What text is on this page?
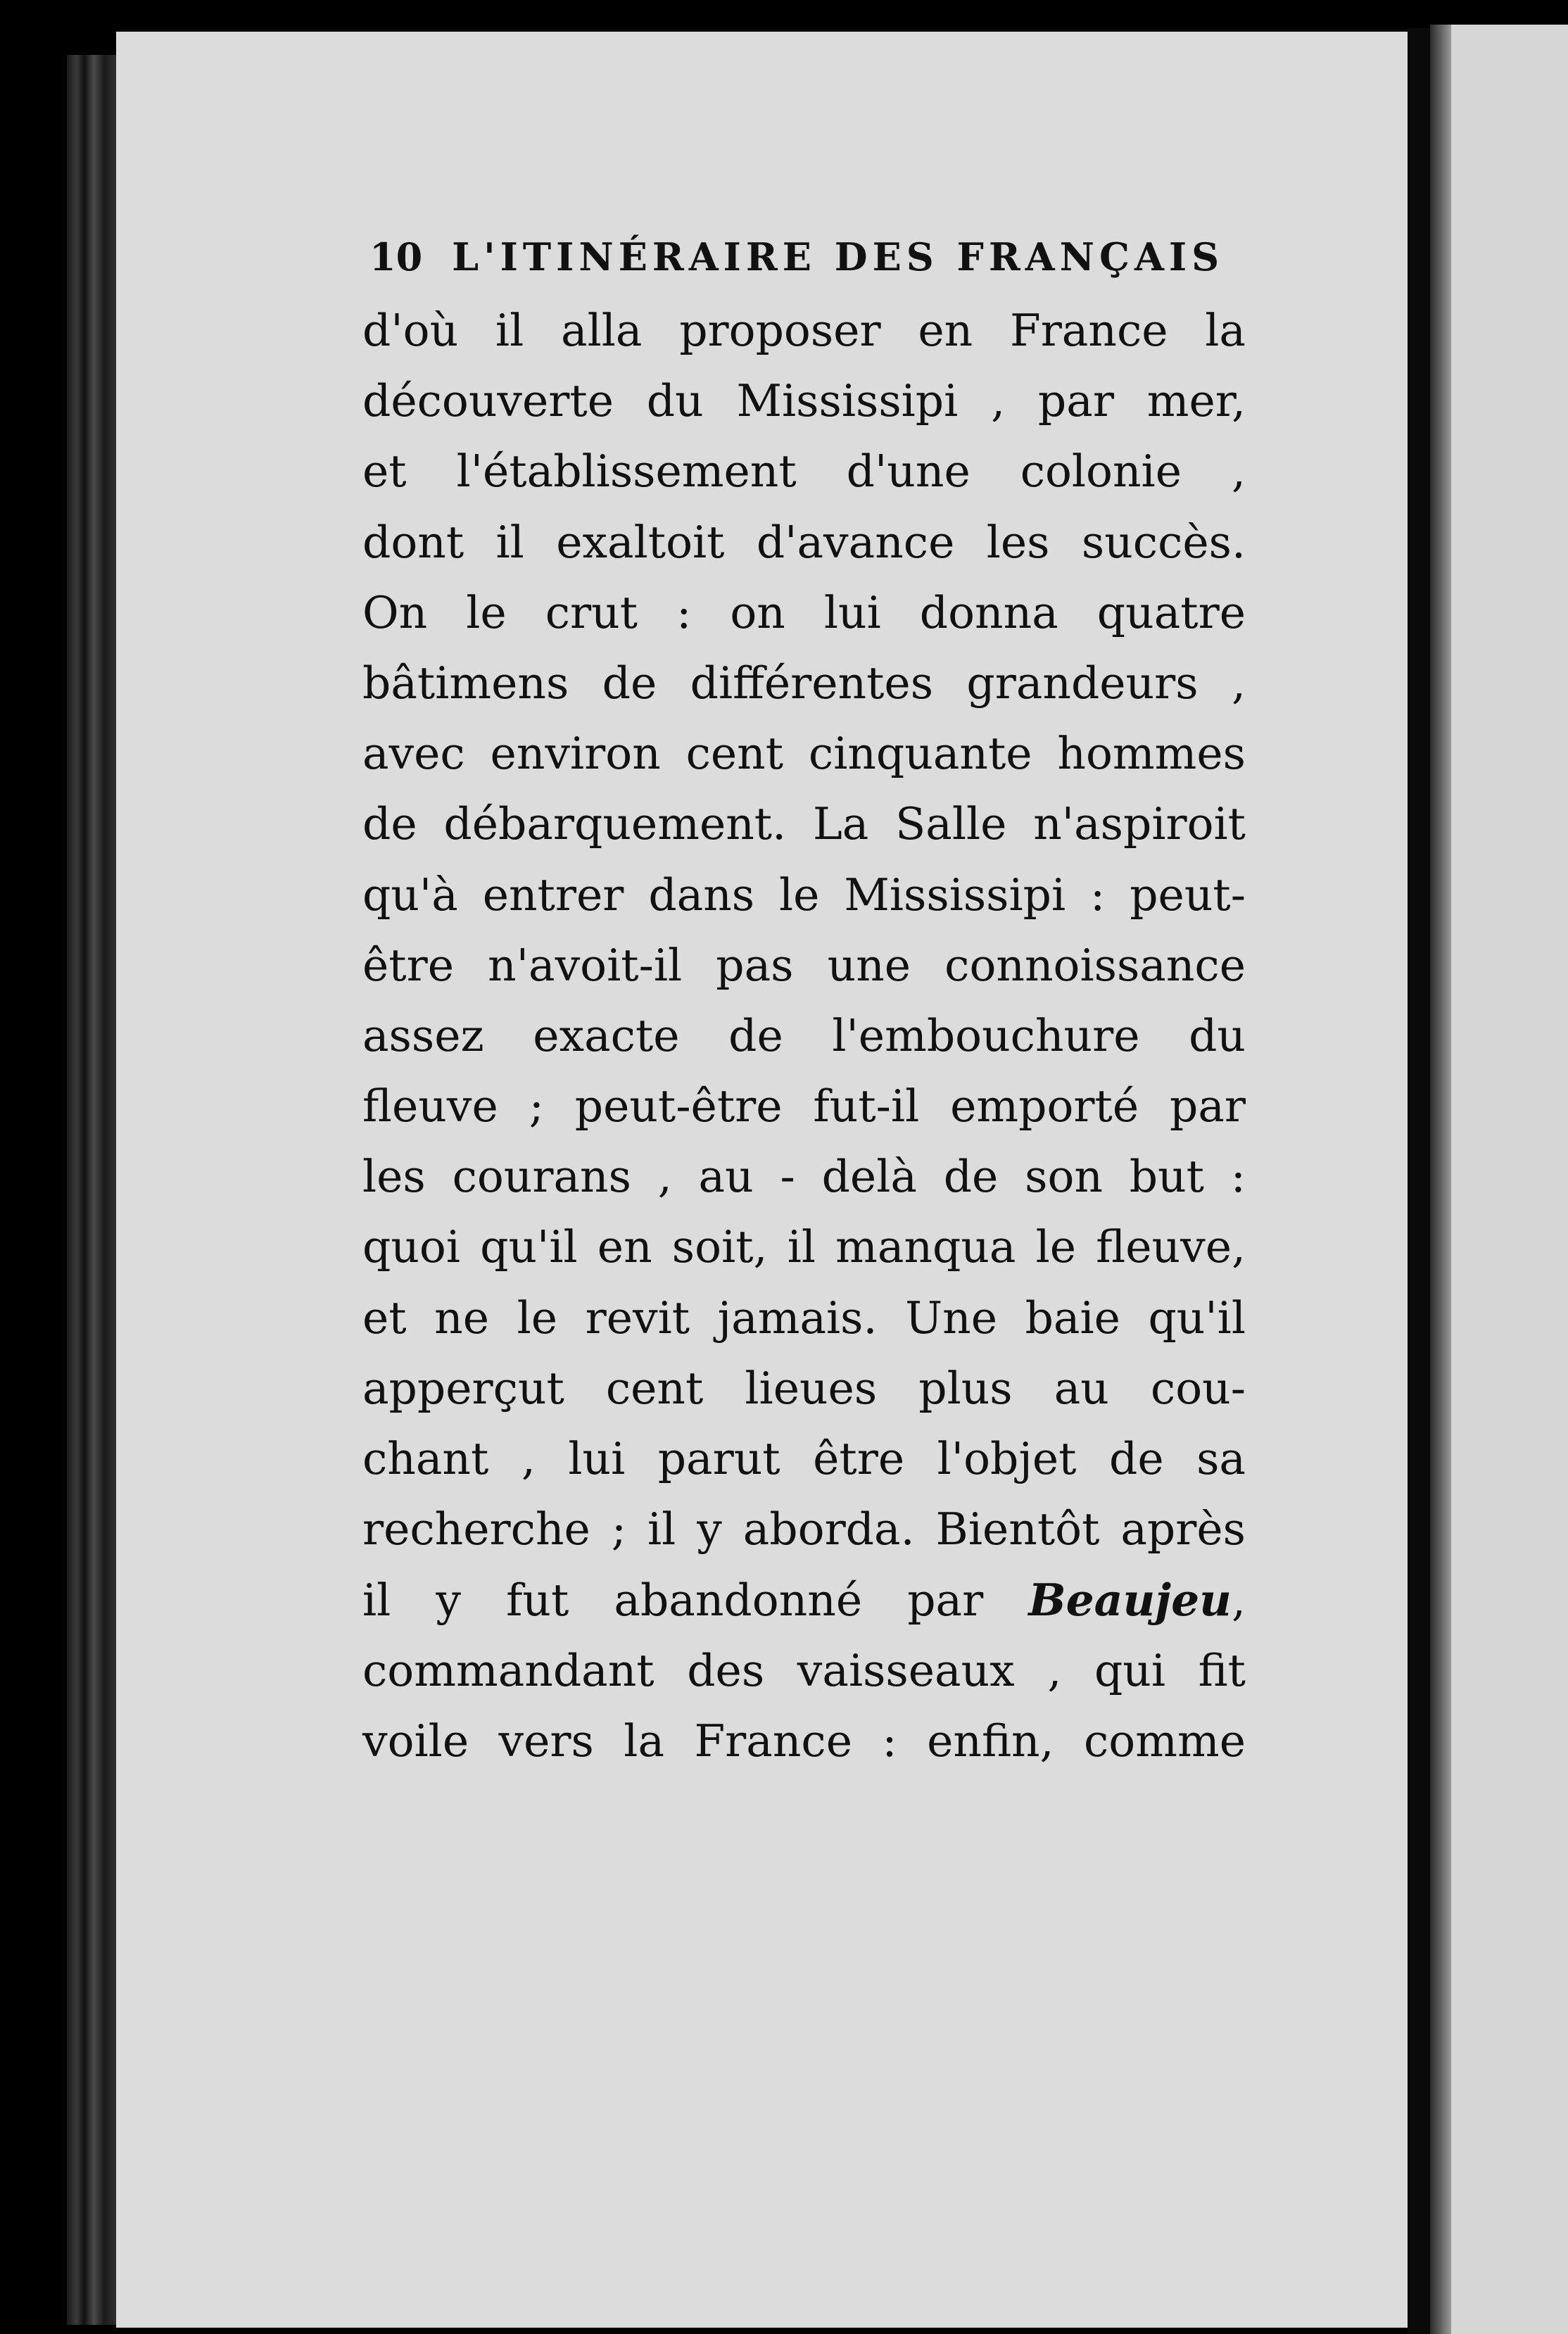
10 L'ITINÉRAIRE DES FRANÇAIS
d'où il alla proposer en France la
découverte du Mississipi , par mer,
et l'établissement d'une colonie ,
dont il exaltoit d'avance les succès.
On le crut : on lui donna quatre
bâtimens de différentes grandeurs ,
avec environ cent cinquante hommes
de débarquement. La Salle n'aspiroit
qu'à entrer dans le Mississipi : peut-
être n'avoit-il pas une connoissance
assez exacte de l'embouchure du
fleuve ; peut-être fut-il emporté par
les courans , au - delà de son but :
quoi qu'il en soit, il manqua le fleuve,
et ne le revit jamais. Une baie qu'il
apperçut cent lieues plus au cou-
chant , lui parut être l'objet de sa
recherche ; il y aborda. Bientôt après
il y fut abandonné par Beaujeu,
commandant des vaisseaux , qui fit
voile vers la France : enfin, comme
